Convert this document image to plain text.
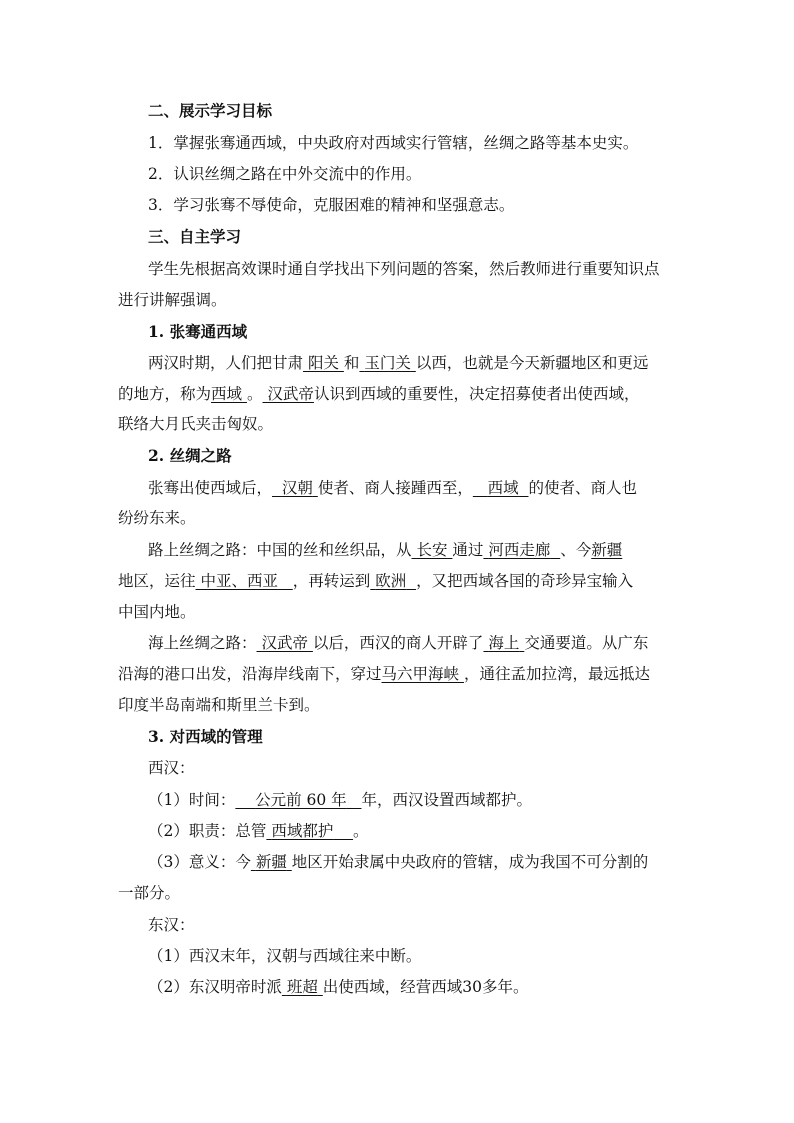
二、展示学习目标
1．掌握张骞通西域，中央政府对西域实行管辖，丝绸之路等基本史实。
2．认识丝绸之路在中外交流中的作用。
3．学习张骞不辱使命，克服困难的精神和坚强意志。
三、自主学习
学生先根据高效课时通自学找出下列问题的答案，然后教师进行重要知识点
进行讲解强调。
1. 张骞通西域
两汉时期，人们把甘肃 阳关 和 玉门关 以西，也就是今天新疆地区和更远
的地方，称为西域 。 汉武帝认识到西域的重要性，决定招募使者出使西域，
联络大月氏夹击匈奴。
2. 丝绸之路
张骞出使西域后， 汉朝 使者、商人接踵西至， 西域 的使者、商人也
纷纷东来。
路上丝绸之路：中国的丝和丝织品，从 长安 通过 河西走廊 、今新疆
地区，运往 中亚、西亚 ，再转运到 欧洲 ，又把西域各国的奇珍异宝输入
中国内地。
海上丝绸之路： 汉武帝 以后，西汉的商人开辟了 海上 交通要道。从广东
沿海的港口出发，沿海岸线南下，穿过马六甲海峡 ，通往孟加拉湾，最远抵达
印度半岛南端和斯里兰卡到。
3. 对西域的管理
西汉：
（1）时间： 公元前 60 年 年，西汉设置西域都护。
（2）职责：总管 西域都护 。
（3）意义：今 新疆 地区开始隶属中央政府的管辖，成为我国不可分割的
一部分。
东汉：
（1）西汉末年，汉朝与西域往来中断。
（2）东汉明帝时派 班超 出使西域，经营西域30多年。
